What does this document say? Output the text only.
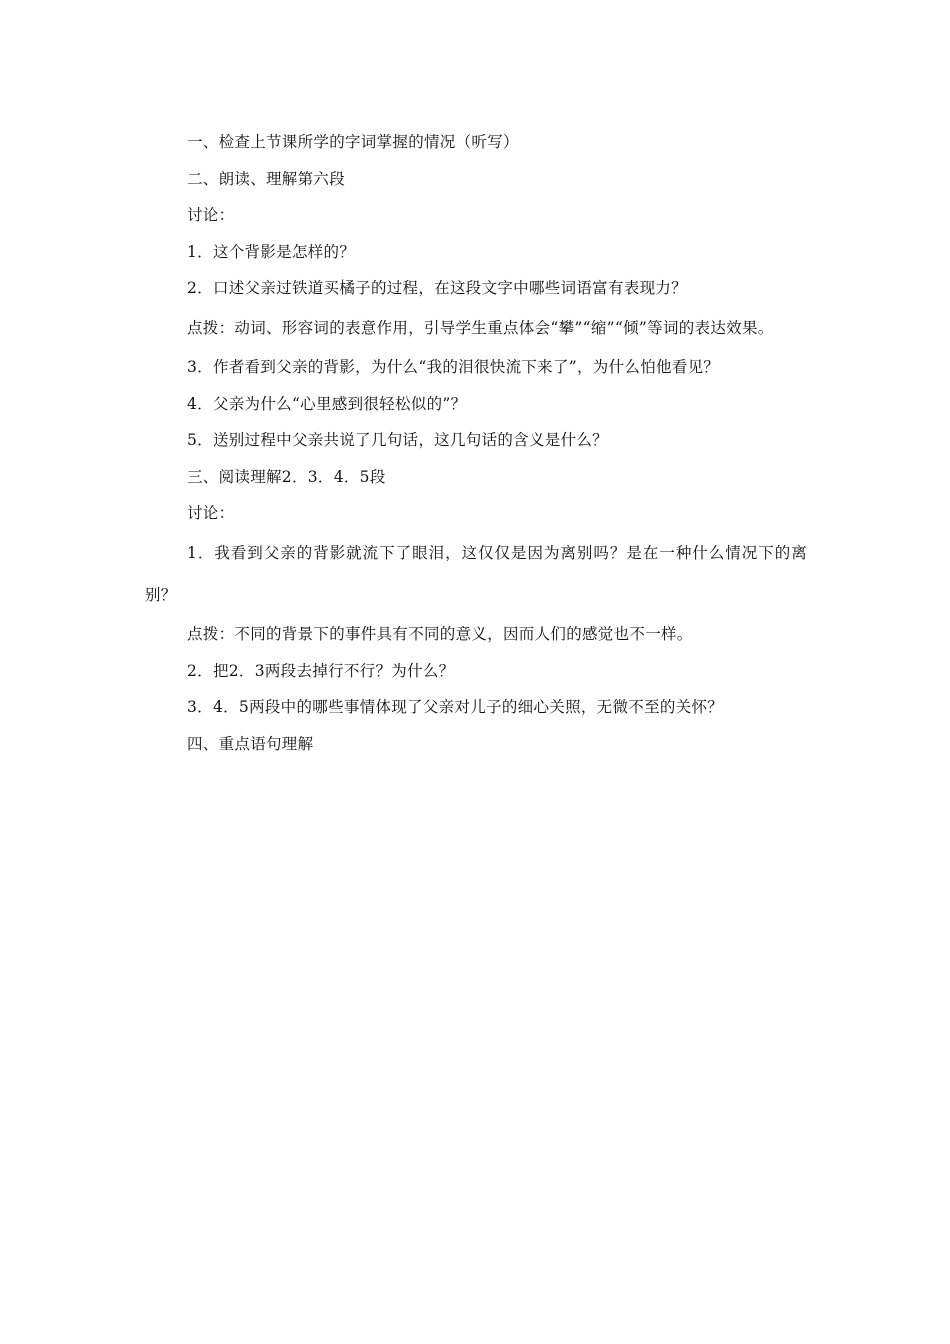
一、检查上节课所学的字词掌握的情况（听写）

二、朗读、理解第六段

讨论：

1．这个背影是怎样的？

2．口述父亲过铁道买橘子的过程，在这段文字中哪些词语富有表现力？

点拨：动词、形容词的表意作用，引导学生重点体会“攀”“缩”“倾”等词的表达效果。

3．作者看到父亲的背影，为什么“我的泪很快流下来了”，为什么怕他看见？

4．父亲为什么“心里感到很轻松似的”？

5．送别过程中父亲共说了几句话，这几句话的含义是什么？

三、阅读理解2．3．4．5段

讨论：

1．我看到父亲的背影就流下了眼泪，这仅仅是因为离别吗？是在一种什么情况下的离别？

点拨：不同的背景下的事件具有不同的意义，因而人们的感觉也不一样。

2．把2．3两段去掉行不行？为什么？

3．4．5两段中的哪些事情体现了父亲对儿子的细心关照，无微不至的关怀？

四、重点语句理解
